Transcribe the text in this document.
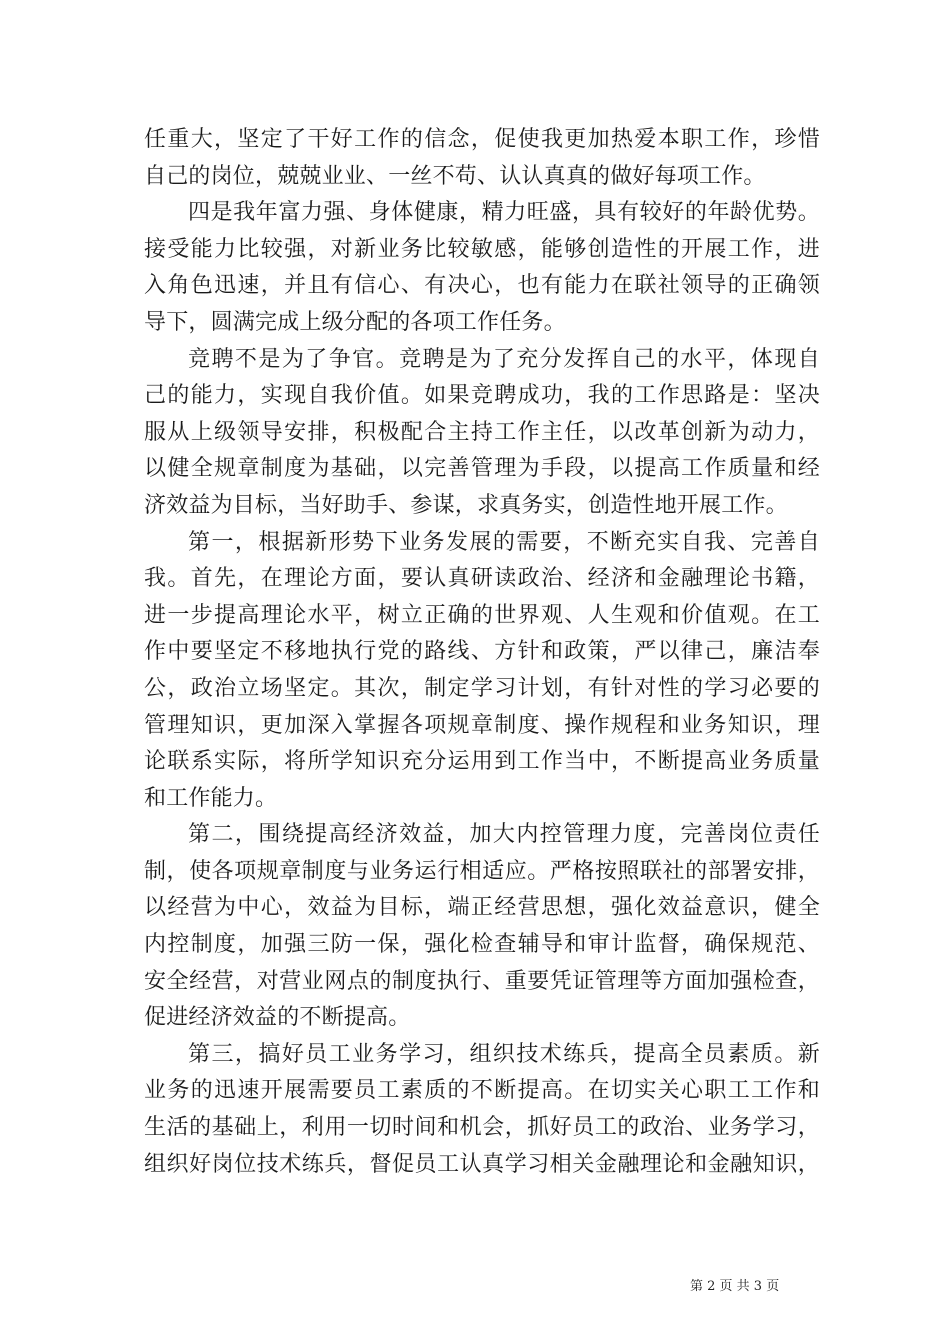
任重大，坚定了干好工作的信念，促使我更加热爱本职工作，珍惜
自己的岗位，兢兢业业、一丝不苟、认认真真的做好每项工作。
四是我年富力强、身体健康，精力旺盛，具有较好的年龄优势。
接受能力比较强，对新业务比较敏感，能够创造性的开展工作，进
入角色迅速，并且有信心、有决心，也有能力在联社领导的正确领
导下，圆满完成上级分配的各项工作任务。
竞聘不是为了争官。竞聘是为了充分发挥自己的水平，体现自
己的能力，实现自我价值。如果竞聘成功，我的工作思路是：坚决
服从上级领导安排，积极配合主持工作主任，以改革创新为动力，
以健全规章制度为基础，以完善管理为手段，以提高工作质量和经
济效益为目标，当好助手、参谋，求真务实，创造性地开展工作。
第一，根据新形势下业务发展的需要，不断充实自我、完善自
我。首先，在理论方面，要认真研读政治、经济和金融理论书籍，
进一步提高理论水平，树立正确的世界观、人生观和价值观。在工
作中要坚定不移地执行党的路线、方针和政策，严以律己，廉洁奉
公，政治立场坚定。其次，制定学习计划，有针对性的学习必要的
管理知识，更加深入掌握各项规章制度、操作规程和业务知识，理
论联系实际，将所学知识充分运用到工作当中，不断提高业务质量
和工作能力。
第二，围绕提高经济效益，加大内控管理力度，完善岗位责任
制，使各项规章制度与业务运行相适应。严格按照联社的部署安排，
以经营为中心，效益为目标，端正经营思想，强化效益意识，健全
内控制度，加强三防一保，强化检查辅导和审计监督，确保规范、
安全经营，对营业网点的制度执行、重要凭证管理等方面加强检查，
促进经济效益的不断提高。
第三，搞好员工业务学习，组织技术练兵，提高全员素质。新
业务的迅速开展需要员工素质的不断提高。在切实关心职工工作和
生活的基础上，利用一切时间和机会，抓好员工的政治、业务学习，
组织好岗位技术练兵，督促员工认真学习相关金融理论和金融知识，
第 2 页 共 3 页
